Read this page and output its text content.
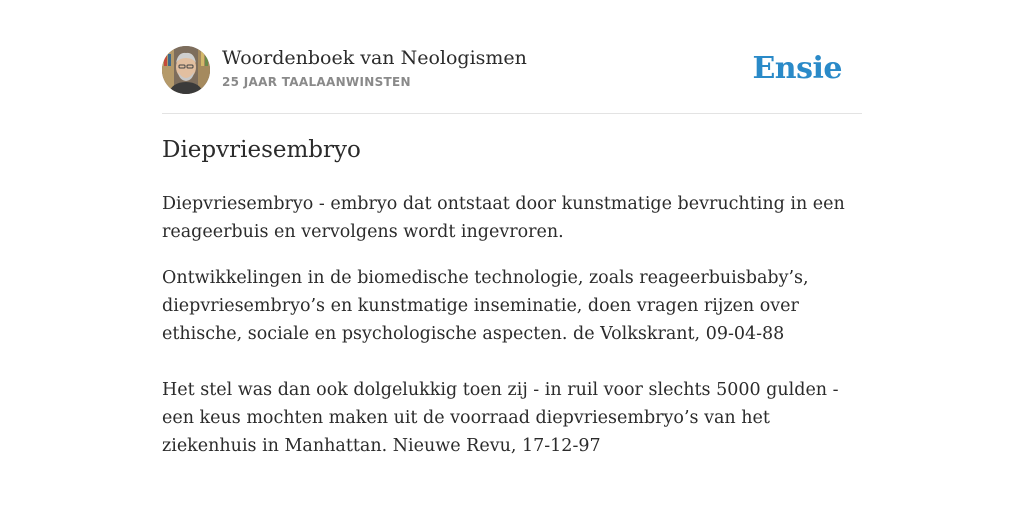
Woordenboek van Neologismen
25 JAAR TAALAANWINSTEN	Ensie
Diepvriesembryo

Diepvriesembryo - embryo dat ontstaat door kunstmatige bevruchting in een reageerbuis en vervolgens wordt ingevroren.

Ontwikkelingen in de biomedische technologie, zoals reageerbuisbaby’s, diepvriesembryo’s en kunstmatige inseminatie, doen vragen rijzen over ethische, sociale en psychologische aspecten. de Volkskrant, 09-04-88

Het stel was dan ook dolgelukkig toen zij - in ruil voor slechts 5000 gulden - een keus mochten maken uit de voorraad diepvriesembryo’s van het ziekenhuis in Manhattan. Nieuwe Revu, 17-12-97
